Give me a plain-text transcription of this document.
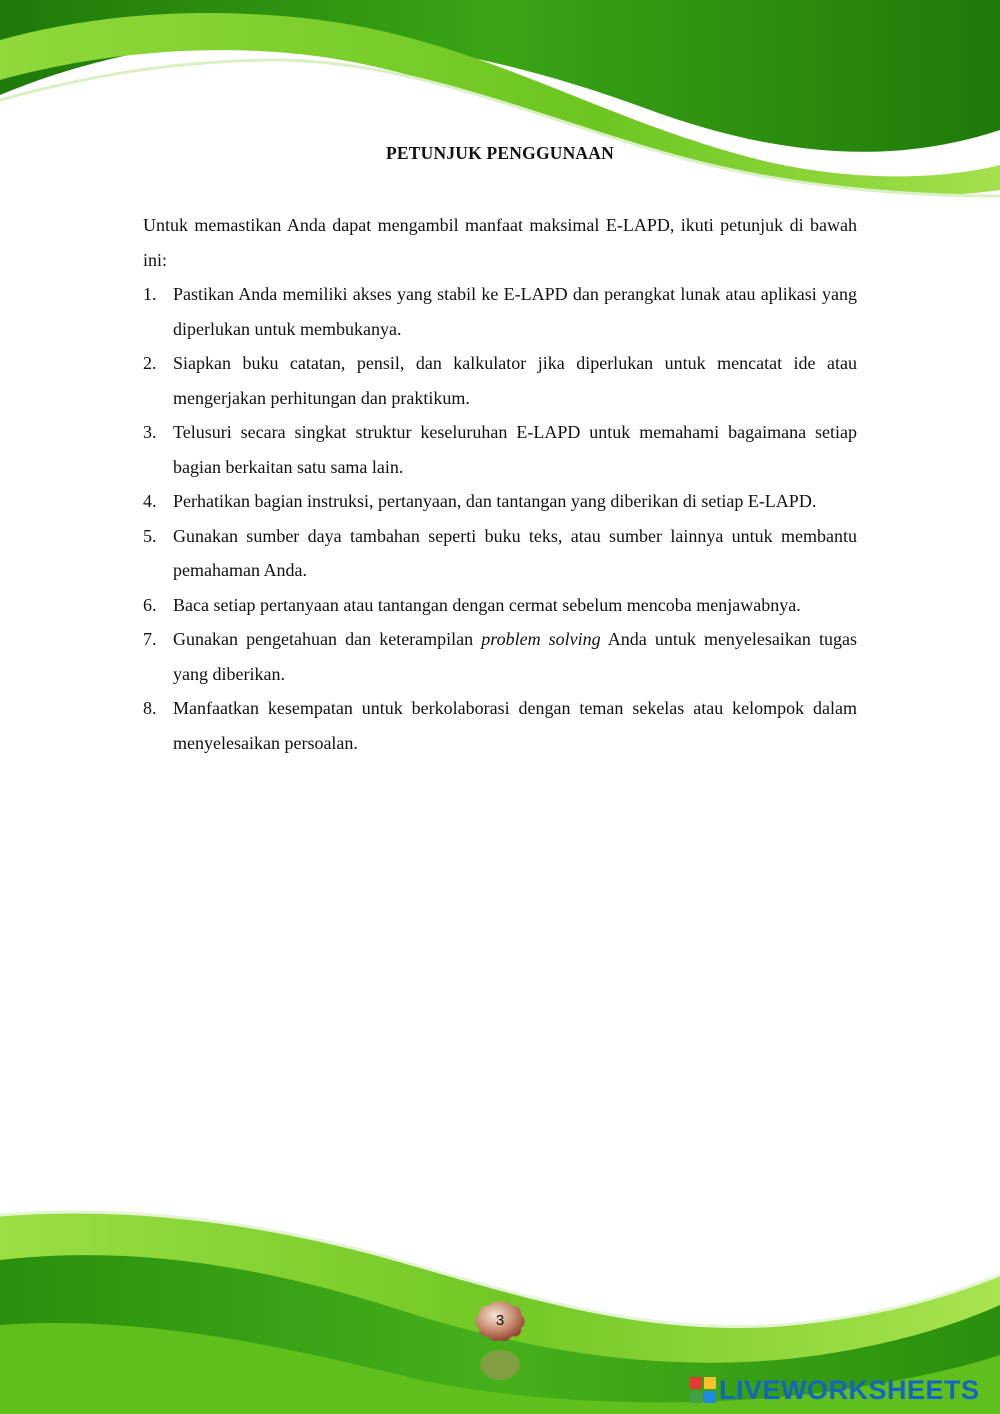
PETUNJUK PENGGUNAAN

Untuk memastikan Anda dapat mengambil manfaat maksimal E-LAPD, ikuti petunjuk di bawah ini:

1. Pastikan Anda memiliki akses yang stabil ke E-LAPD dan perangkat lunak atau aplikasi yang diperlukan untuk membukanya.
2. Siapkan buku catatan, pensil, dan kalkulator jika diperlukan untuk mencatat ide atau mengerjakan perhitungan dan praktikum.
3. Telusuri secara singkat struktur keseluruhan E-LAPD untuk memahami bagaimana setiap bagian berkaitan satu sama lain.
4. Perhatikan bagian instruksi, pertanyaan, dan tantangan yang diberikan di setiap E-LAPD.
5. Gunakan sumber daya tambahan seperti buku teks, atau sumber lainnya untuk membantu pemahaman Anda.
6. Baca setiap pertanyaan atau tantangan dengan cermat sebelum mencoba menjawabnya.
7. Gunakan pengetahuan dan keterampilan problem solving Anda untuk menyelesaikan tugas yang diberikan.
8. Manfaatkan kesempatan untuk berkolaborasi dengan teman sekelas atau kelompok dalam menyelesaikan persoalan.
3
LIVEWORKSHEETS
